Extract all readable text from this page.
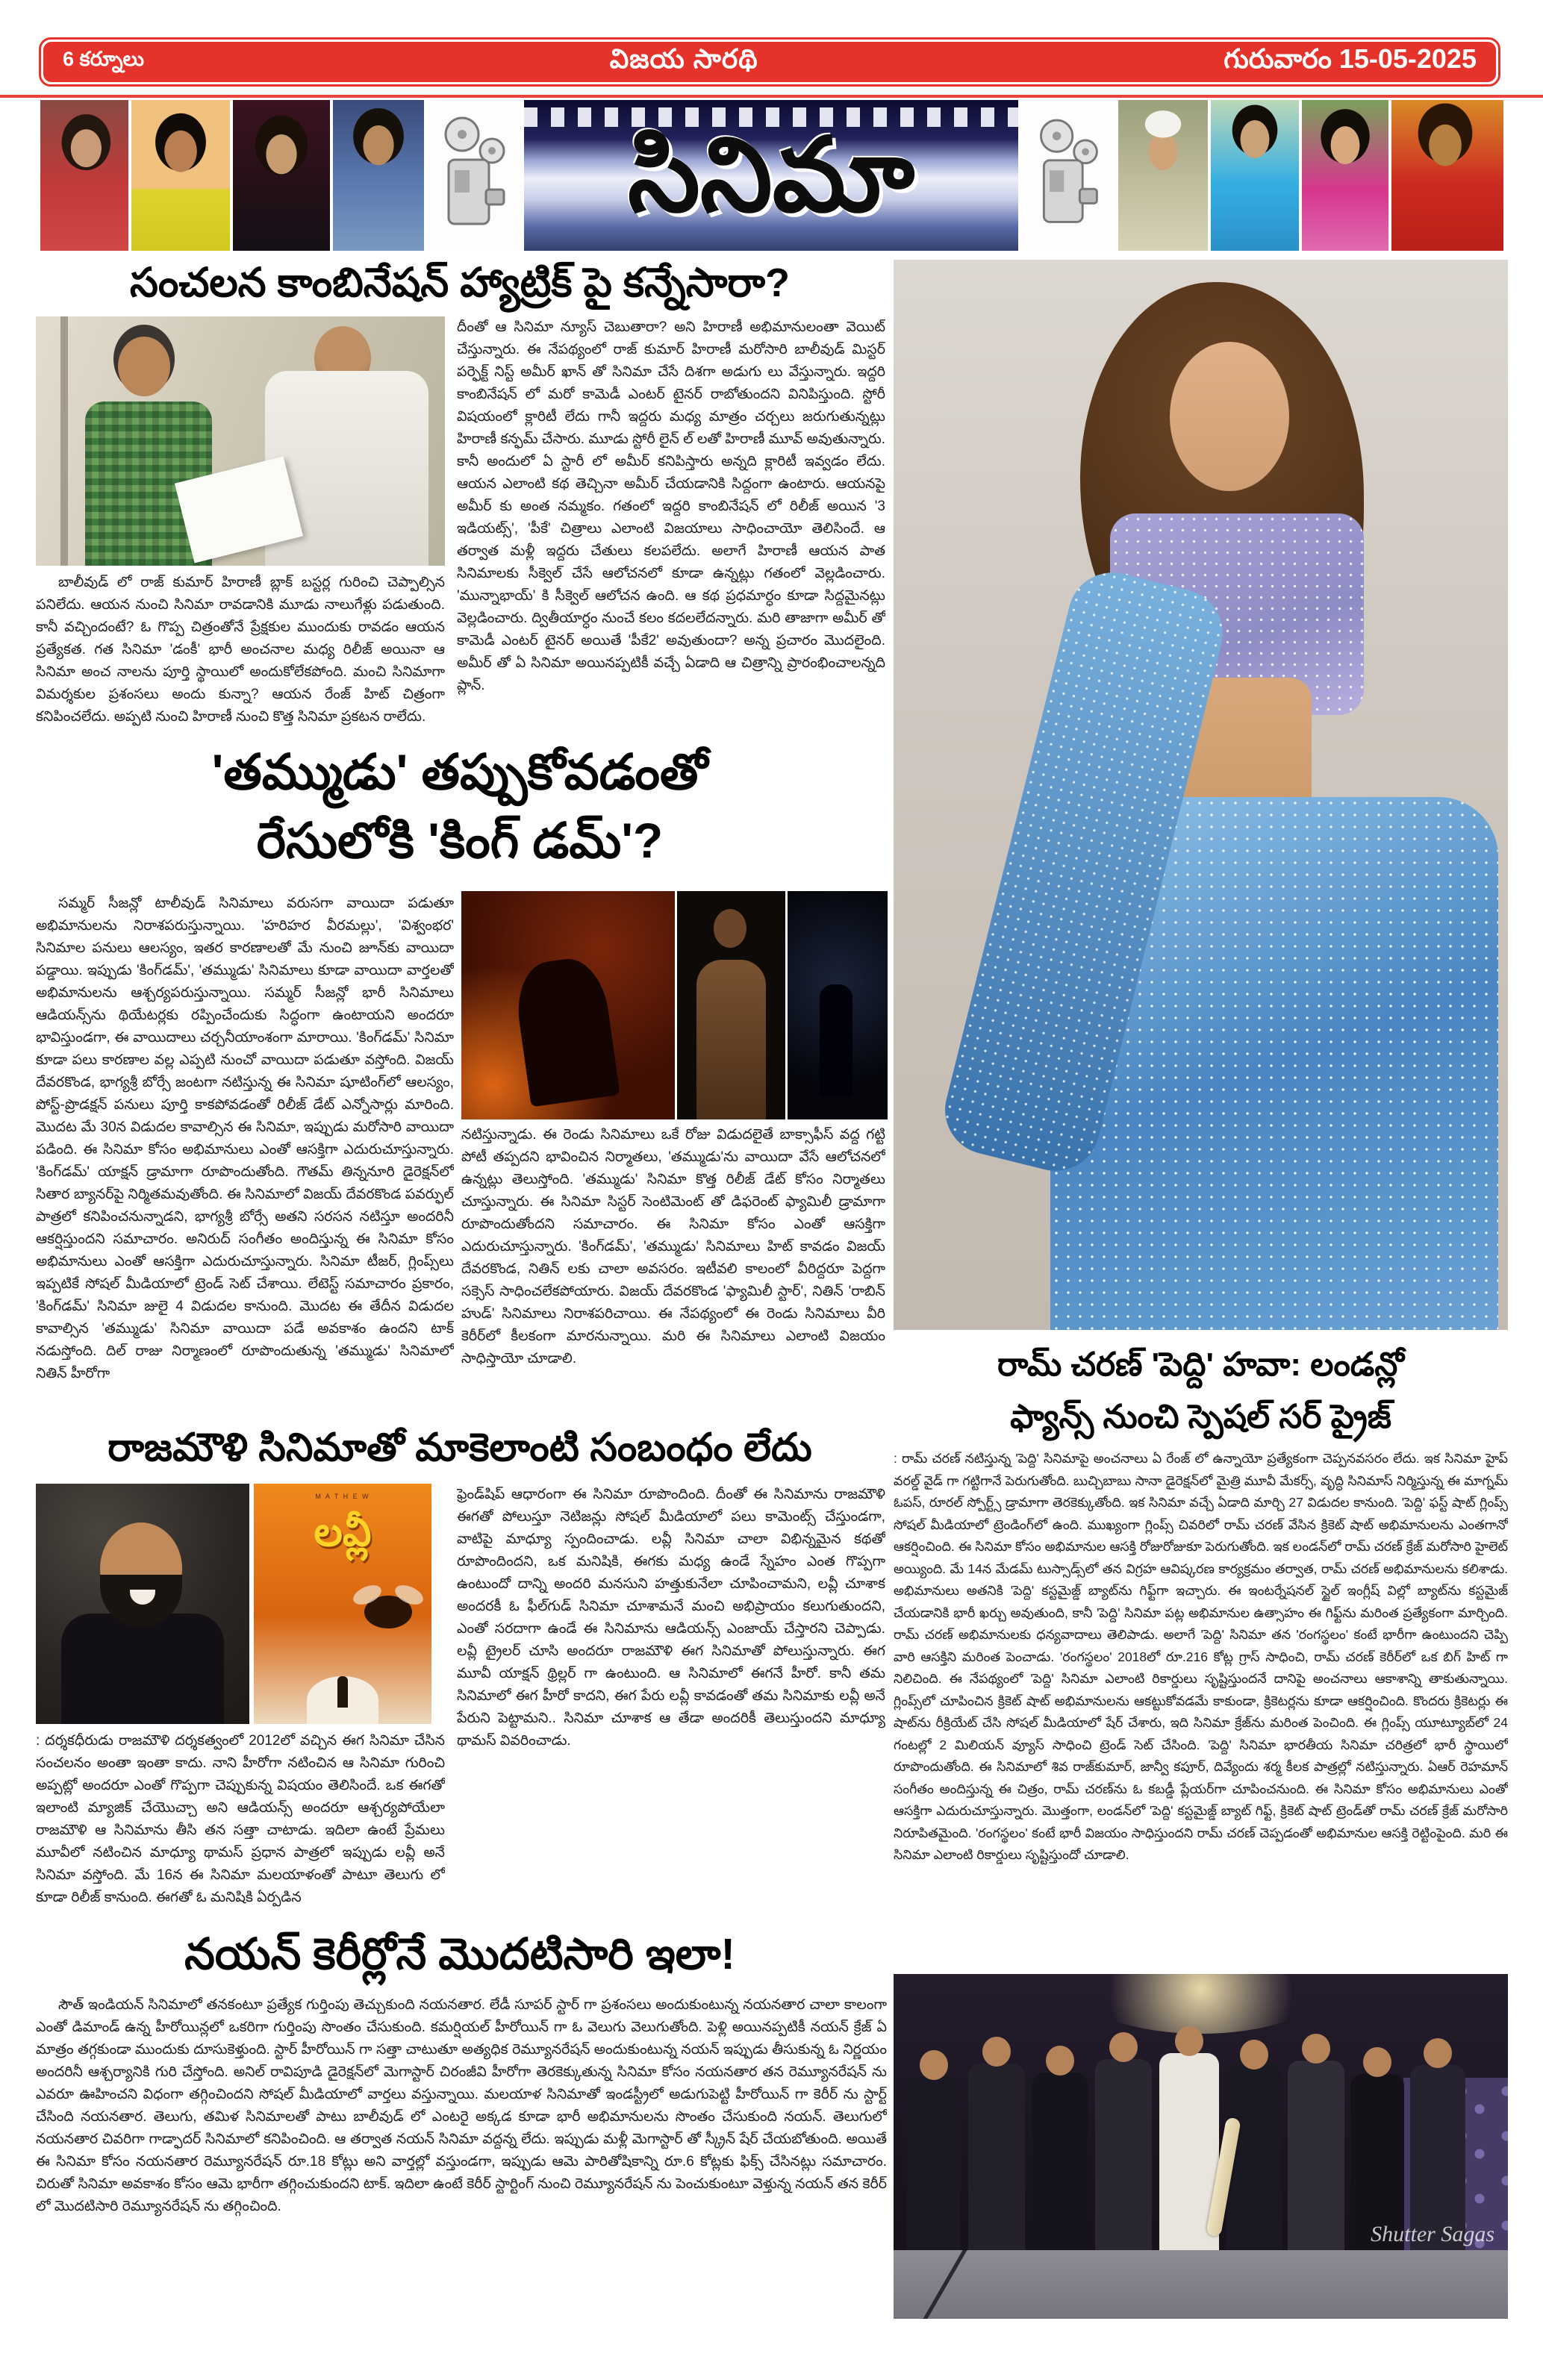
6 కర్నూలు	విజయ సారథి	గురువారం 15-05-2025
సినిమా
సంచలన కాంబినేషన్ హ్యాట్రిక్ పై కన్నేసారా?
బాలీవుడ్ లో రాజ్ కుమార్ హిరాణీ బ్లాక్ బస్టర్ల గురించి చెప్పాల్సిన పనిలేదు. ఆయన నుంచి సినిమా రావడానికి మూడు నాలుగేళ్లు పడుతుంది. కానీ వచ్చిందంటే? ఓ గొప్ప చిత్రంతోనే ప్రేక్షకుల ముందుకు రావడం ఆయన ప్రత్యేకత. గత సినిమా 'డంకీ' భారీ అంచనాల మధ్య రిలీజ్ అయినా ఆ సినిమా అంచ నాలను పూర్తి స్థాయిలో అందుకోలేకపోంది. మంచి సినిమాగా విమర్శకుల ప్రశంసలు అందు కున్నా? ఆయన రేంజ్ హిట్ చిత్రంగా కనిపించలేదు. అప్పటి నుంచి హిరాణీ నుంచి కొత్త సినిమా ప్రకటన రాలేదు.
దీంతో ఆ సినిమా న్యూస్ చెబుతారా? అని హిరాణీ అభిమానులంతా వెయిట్ చేస్తున్నారు. ఈ నేపథ్యంలో రాజ్ కుమార్ హిరాణీ మరోసారి బాలీవుడ్ మిస్టర్ పర్ఫెక్ట్ నిస్ట్ అమీర్ ఖాన్ తో సినిమా చేసే దిశగా అడుగు లు వేస్తున్నారు. ఇద్దరి కాంబినేషన్ లో మరో కామెడీ ఎంటర్ టైనర్ రాబోతుందని వినిపిస్తుంది. స్టోరీ విషయంలో క్లారిటీ లేదు గానీ ఇద్దరు మధ్య మాత్రం చర్చలు జరుగుతున్నట్లు హిరాణీ కన్ఫమ్ చేసారు. మూడు స్టోరీ లైన్ ల్ లతో హిరాణీ మూవ్ అవుతున్నారు. కానీ అందులో ఏ స్టారీ లో అమీర్ కనిపిస్తారు అన్నది క్లారిటీ ఇవ్వడం లేదు. ఆయన ఎలాంటి కథ తెచ్చినా అమీర్ చేయడానికి సిద్దంగా ఉంటారు. ఆయనపై అమీర్ కు అంత నమ్మకం. గతంలో ఇద్దరి కాంబినేషన్ లో రిలీజ్ అయిన '3 ఇడియట్స్', 'పీకే' చిత్రాలు ఎలాంటి విజయాలు సాధించాయో తెలిసిందే. ఆ తర్వాత మళ్లీ ఇద్దరు చేతులు కలపలేదు. అలాగే హిరాణీ ఆయన పాత సినిమాలకు సీక్వెల్ చేసే ఆలోచనలో కూడా ఉన్నట్లు గతంలో వెల్లడించారు. 'మున్నాభాయ్' కి సీక్వెల్ ఆలోచన ఉంది. ఆ కథ ప్రధమార్ధం కూడా సిద్దమైనట్లు వెల్లడించారు. ద్వితీయార్ధం నుంచే కలం కదలలేదన్నారు. మరి తాజాగా అమీర్ తో కామెడీ ఎంటర్ టైనర్ అయితే 'పీకే2' అవుతుందా? అన్న ప్రచారం మొదలైంది. అమీర్ తో ఏ సినిమా అయినప్పటికీ వచ్చే ఏడాది ఆ చిత్రాన్ని ప్రారంభించాలన్నది ప్లాన్.
'తమ్ముడు' తప్పుకోవడంతో
రేసులోకి 'కింగ్ డమ్'?
సమ్మర్ సీజన్లో టాలీవుడ్ సినిమాలు వరుసగా వాయిదా పడుతూ అభిమానులను నిరాశపరుస్తున్నాయి. 'హరిహర వీరమల్లు', 'విశ్వంభర' సినిమాల పనులు ఆలస్యం, ఇతర కారణాలతో మే నుంచి జూన్‌కు వాయిదా పడ్డాయి. ఇప్పుడు 'కింగ్‌డమ్', 'తమ్ముడు' సినిమాలు కూడా వాయిదా వార్తలతో అభిమానులను ఆశ్చర్యపరుస్తున్నాయి. సమ్మర్ సీజన్లో భారీ సినిమాలు ఆడియన్స్‌ను థియేటర్లకు రప్పించేందుకు సిద్ధంగా ఉంటాయని అందరూ భావిస్తుండగా, ఈ వాయిదాలు చర్చనీయాంశంగా మారాయి. 'కింగ్‌డమ్' సినిమా కూడా పలు కారణాల వల్ల ఎప్పటి నుంచో వాయిదా పడుతూ వస్తోంది. విజయ్ దేవరకొండ, భాగ్యశ్రీ బోర్సే జంటగా నటిస్తున్న ఈ సినిమా షూటింగ్‌లో ఆలస్యం, పోస్ట్-ప్రొడక్షన్ పనులు పూర్తి కాకపోవడంతో రిలీజ్ డేట్ ఎన్నోసార్లు మారింది. మొదట మే 30న విడుదల కావాల్సిన ఈ సినిమా, ఇప్పుడు మరోసారి వాయిదా పడింది. ఈ సినిమా కోసం అభిమానులు ఎంతో ఆసక్తిగా ఎదురుచూస్తున్నారు. 'కింగ్‌డమ్' యాక్షన్ డ్రామాగా రూపొందుతోంది. గౌతమ్ తిన్ననూరి డైరెక్షన్‌లో సితార బ్యానర్‌పై నిర్మితమవుతోంది. ఈ సినిమాలో విజయ్ దేవరకొండ పవర్ఫుల్ పాత్రలో కనిపించనున్నాడని, భాగ్యశ్రీ బోర్సే అతని సరసన నటిస్తూ అందరినీ ఆకర్షిస్తుందని సమాచారం. అనిరుద్ సంగీతం అందిస్తున్న ఈ సినిమా కోసం అభిమానులు ఎంతో ఆసక్తిగా ఎదురుచూస్తున్నారు. సినిమా టీజర్, గ్లింప్స్‌లు ఇప్పటికే సోషల్ మీడియాలో ట్రెండ్ సెట్ చేశాయి. లేటెస్ట్ సమాచారం ప్రకారం, 'కింగ్‌డమ్' సినిమా జులై 4 విడుదల కానుంది. మొదట ఈ తేదీన విడుదల కావాల్సిన 'తమ్ముడు' సినిమా వాయిదా పడే అవకాశం ఉందని టాక్ నడుస్తోంది. దిల్ రాజు నిర్మాణంలో రూపొందుతున్న 'తమ్ముడు' సినిమాలో నితిన్ హీరోగా
నటిస్తున్నాడు. ఈ రెండు సినిమాలు ఒకే రోజు విడుదలైతే బాక్సాఫీస్ వద్ద గట్టి పోటీ తప్పదని భావించిన నిర్మాతలు, 'తమ్ముడు'ను వాయిదా వేసే ఆలోచనలో ఉన్నట్లు తెలుస్తోంది. 'తమ్ముడు' సినిమా కొత్త రిలీజ్ డేట్ కోసం నిర్మాతలు చూస్తున్నారు. ఈ సినిమా సిస్టర్ సెంటిమెంట్ తో డిఫరెంట్ ఫ్యామిలీ డ్రామాగా రూపొందుతోందని సమాచారం. ఈ సినిమా కోసం ఎంతో ఆసక్తిగా ఎదురుచూస్తున్నారు. 'కింగ్‌డమ్', 'తమ్ముడు' సినిమాలు హిట్ కావడం విజయ్ దేవరకొండ, నితిన్ లకు చాలా అవసరం. ఇటీవలి కాలంలో వీరిద్దరూ పెద్దగా సక్సెస్ సాధించలేకపోయారు. విజయ్ దేవరకొండ 'ఫ్యామిలీ స్టార్', నితిన్ 'రాబిన్ హుడ్' సినిమాలు నిరాశపరిచాయి. ఈ నేపథ్యంలో ఈ రెండు సినిమాలు వీరి కెరీర్‌లో కీలకంగా మారనున్నాయి. మరి ఈ సినిమాలు ఎలాంటి విజయం సాధిస్తాయో చూడాలి.	రామ్ చరణ్ 'పెద్ది' హవా: లండన్లో
ఫ్యాన్స్ నుంచి స్పెషల్ సర్ ప్రైజ్
: రామ్ చరణ్ నటిస్తున్న 'పెద్ది' సినిమాపై అంచనాలు ఏ రేంజ్ లో ఉన్నాయో ప్రత్యేకంగా చెప్పనవసరం లేదు. ఇక సినిమా హైప్ వరల్డ్ వైడ్ గా గట్టిగానే పెరుగుతోంది. బుచ్చిబాబు సానా డైరెక్షన్‌లో మైత్రి మూవీ మేకర్స్, వృద్ధి సినిమాస్ నిర్మిస్తున్న ఈ మాగ్నమ్ ఓపస్, రూరల్ స్పోర్ట్స్ డ్రామాగా తెరకెక్కుతోంది. ఇక సినిమా వచ్చే ఏడాది మార్చి 27 విడుదల కానుంది. 'పెద్ది' ఫస్ట్ షాట్ గ్లింప్స్ సోషల్ మీడియాలో ట్రెండింగ్‌లో ఉంది. ముఖ్యంగా గ్లింప్స్ చివరిలో రామ్ చరణ్ వేసిన క్రికెట్ షాట్ అభిమానులను ఎంతగానో ఆకర్షించింది. ఈ సినిమా కోసం అభిమానుల ఆసక్తి రోజురోజుకూ పెరుగుతోంది. ఇక లండన్‌లో రామ్ చరణ్ క్రేజ్ మరోసారి హైలెట్ అయ్యింది. మే 14న మేడమ్ టుస్సాడ్స్‌లో తన విగ్రహ ఆవిష్కరణ కార్యక్రమం తర్వాత, రామ్ చరణ్ అభిమానులను కలిశాడు. అభిమానులు అతనికి 'పెద్ది' కస్టమైజ్డ్ బ్యాట్‌ను గిఫ్ట్‌గా ఇచ్చారు. ఈ ఇంటర్నేషనల్ స్టైల్ ఇంగ్లీష్ విల్లో బ్యాట్‌ను కస్టమైజ్ చేయడానికి భారీ ఖర్చు అవుతుంది, కానీ 'పెద్ది' సినిమా పట్ల అభిమానుల ఉత్సాహం ఈ గిఫ్ట్‌ను మరింత ప్రత్యేకంగా మార్చింది. రామ్ చరణ్ అభిమానులకు ధన్యవాదాలు తెలిపాడు. అలాగే 'పెద్ది' సినిమా తన 'రంగస్థలం' కంటే భారీగా ఉంటుందని చెప్పి వారి ఆసక్తిని మరింత పెంచాడు. 'రంగస్థలం' 2018లో రూ.216 కోట్ల గ్రాస్ సాధించి, రామ్ చరణ్ కెరీర్‌లో ఒక బిగ్ హిట్ గా నిలిచింది. ఈ నేపథ్యంలో 'పెద్ది' సినిమా ఎలాంటి రికార్డులు సృష్టిస్తుందనే దానిపై అంచనాలు ఆకాశాన్ని తాకుతున్నాయి. గ్లింప్స్‌లో చూపించిన క్రికెట్ షాట్ అభిమానులను ఆకట్టుకోవడమే కాకుండా, క్రికెటర్లను కూడా ఆకర్షించింది. కొందరు క్రికెటర్లు ఈ షాట్‌ను రీక్రియేట్ చేసి సోషల్ మీడియాలో షేర్ చేశారు, ఇది సినిమా క్రేజ్‌ను మరింత పెంచింది. ఈ గ్లింప్స్ యూట్యూబ్‌లో 24 గంటల్లో 2 మిలియన్ వ్యూస్ సాధించి ట్రెండ్ సెట్ చేసింది. 'పెద్ది' సినిమా భారతీయ సినిమా చరిత్రలో భారీ స్థాయిలో రూపొందుతోంది. ఈ సినిమాలో శివ రాజ్‌కుమార్, జాన్వీ కపూర్, దివ్యేందు శర్మ కీలక పాత్రల్లో నటిస్తున్నారు. ఏఆర్ రెహమాన్ సంగీతం అందిస్తున్న ఈ చిత్రం, రామ్ చరణ్‌ను ఓ కబడ్డీ ప్లేయర్‌గా చూపించనుంది. ఈ సినిమా కోసం అభిమానులు ఎంతో ఆసక్తిగా ఎదురుచూస్తున్నారు. మొత్తంగా, లండన్‌లో 'పెద్ది' కస్టమైజ్డ్ బ్యాట్ గిఫ్ట్, క్రికెట్ షాట్ ట్రెండ్‌తో రామ్ చరణ్ క్రేజ్ మరోసారి నిరూపితమైంది. 'రంగస్థలం' కంటే భారీ విజయం సాధిస్తుందని రామ్ చరణ్ చెప్పడంతో అభిమానుల ఆసక్తి రెట్టింపైంది. మరి ఈ సినిమా ఎలాంటి రికార్డులు సృష్టిస్తుందో చూడాలి.
రాజమౌళి సినిమాతో మాకెలాంటి సంబంధం లేదు
M A T H E W
లవ్లీ
: దర్శకధీరుడు రాజమౌళి దర్శకత్వంలో 2012లో వచ్చిన ఈగ సినిమా చేసిన సంచలనం అంతా ఇంతా కాదు. నాని హీరోగా నటించిన ఆ సినిమా గురించి అప్పట్లో అందరూ ఎంతో గొప్పగా చెప్పుకున్న విషయం తెలిసిందే. ఒక ఈగతో ఇలాంటి మ్యాజిక్ చేయొచ్చా అని ఆడియన్స్ అందరూ ఆశ్చర్యపోయేలా రాజమౌళి ఆ సినిమాను తీసి తన సత్తా చాటాడు. ఇదిలా ఉంటే ప్రేమలు మూవీలో నటించిన మాధ్యూ థామస్ ప్రధాన పాత్రలో ఇప్పుడు లవ్లీ అనే సినిమా వస్తోంది. మే 16న ఈ సినిమా మలయాళంతో పాటూ తెలుగు లో కూడా రిలీజ్ కానుంది. ఈగతో ఓ మనిషికి ఏర్పడిన
ఫ్రెండ్‌షిప్ ఆధారంగా ఈ సినిమా రూపొందింది. దీంతో ఈ సినిమాను రాజమౌళి ఈగతో పోలుస్తూ నెటిజన్లు సోషల్ మీడియాలో పలు కామెంట్స్ చేస్తుండగా, వాటిపై మాధ్యూ స్పందించాడు. లవ్లీ సినిమా చాలా విభిన్నమైన కథతో రూపొందిందని, ఒక మనిషికి, ఈగకు మధ్య ఉండే స్నేహం ఎంత గొప్పగా ఉంటుందో దాన్ని అందరి మనసుని హత్తుకునేలా చూపించామని, లవ్లీ చూశాక అందరకీ ఓ ఫీల్‌గుడ్ సినిమా చూశామనే మంచి అభిప్రాయం కలుగుతుందని, ఎంతో సరదాగా ఉండే ఈ సినిమాను ఆడియన్స్ ఎంజాయ్ చేస్తారని చెప్పాడు. లవ్లీ ట్రైలర్ చూసి అందరూ రాజమౌళి ఈగ సినిమాతో పోలుస్తున్నారు. ఈగ మూవీ యాక్షన్ థ్రిల్లర్ గా ఉంటుంది. ఆ సినిమాలో ఈగనే హీరో. కానీ తమ సినిమాలో ఈగ హీరో కాదని, ఈగ పేరు లవ్లీ కావడంతో తమ సినిమాకు లవ్లీ అనే పేరుని పెట్టామని.. సినిమా చూశాక ఆ తేడా అందరికీ తెలుస్తుందని మాధ్యూ థామస్ వివరించాడు.
నయన్ కెరీర్లోనే మొదటిసారి ఇలా!
సౌత్ ఇండియన్ సినిమాలో తనకంటూ ప్రత్యేక గుర్తింపు తెచ్చుకుంది నయనతార. లేడీ సూపర్ స్టార్ గా ప్రశంసలు అందుకుంటున్న నయనతార చాలా కాలంగా ఎంతో డిమాండ్ ఉన్న హీరోయిన్లలో ఒకరిగా గుర్తింపు సొంతం చేసుకుంది. కమర్షియల్ హీరోయిన్ గా ఓ వెలుగు వెలుగుతోంది. పెళ్లి అయినప్పటికీ నయన్ క్రేజ్ ఏ మాత్రం తగ్గకుండా ముందుకు దూసుకెళ్తుంది. స్టార్ హీరోయిన్ గా సత్తా చాటుతూ అత్యధిక రెమ్యూనరేషన్ అందుకుంటున్న నయన్ ఇప్పుడు తీసుకున్న ఓ నిర్ణయం అందరినీ ఆశ్చర్యానికి గురి చేస్తోంది. అనిల్ రావిపూడి డైరెక్షన్‌లో మెగాస్టార్ చిరంజీవి హీరోగా తెరకెక్కుతున్న సినిమా కోసం నయనతార తన రెమ్యూనరేషన్ ను ఎవరూ ఊహించని విధంగా తగ్గించిందని సోషల్ మీడియాలో వార్తలు వస్తున్నాయి. మలయాళ సినిమాతో ఇండస్ట్రీలో అడుగుపెట్టి హీరోయిన్ గా కెరీర్ ను స్టార్ట్ చేసింది నయనతార. తెలుగు, తమిళ సినిమాలతో పాటు బాలీవుడ్ లో ఎంటరై అక్కడ కూడా భారీ అభిమానులను సొంతం చేసుకుంది నయన్. తెలుగులో నయనతార చివరిగా గాడ్ఫాదర్ సినిమాలో కనిపించింది. ఆ తర్వాత నయన్ సినిమా వద్దన్న లేదు. ఇప్పుడు మళ్లీ మెగాస్టార్ తో స్క్రీన్ షేర్ చేయబోతుంది. అయితే ఈ సినిమా కోసం నయనతార రెమ్యూనరేషన్ రూ.18 కోట్లు అని వార్తల్లో వస్తుండగా, ఇప్పుడు ఆమె పారితోషికాన్ని రూ.6 కోట్లకు ఫిక్స్ చేసినట్లు సమాచారం. చిరుతో సినిమా అవకాశం కోసం ఆమె భారీగా తగ్గించుకుందని టాక్. ఇదిలా ఉంటే కెరీర్ స్టార్టింగ్ నుంచి రెమ్యూనరేషన్ ను పెంచుకుంటూ వెళ్తున్న నయన్ తన కెరీర్ లో మొదటిసారి రెమ్యూనరేషన్ ను తగ్గించింది.
Shutter Sagas
